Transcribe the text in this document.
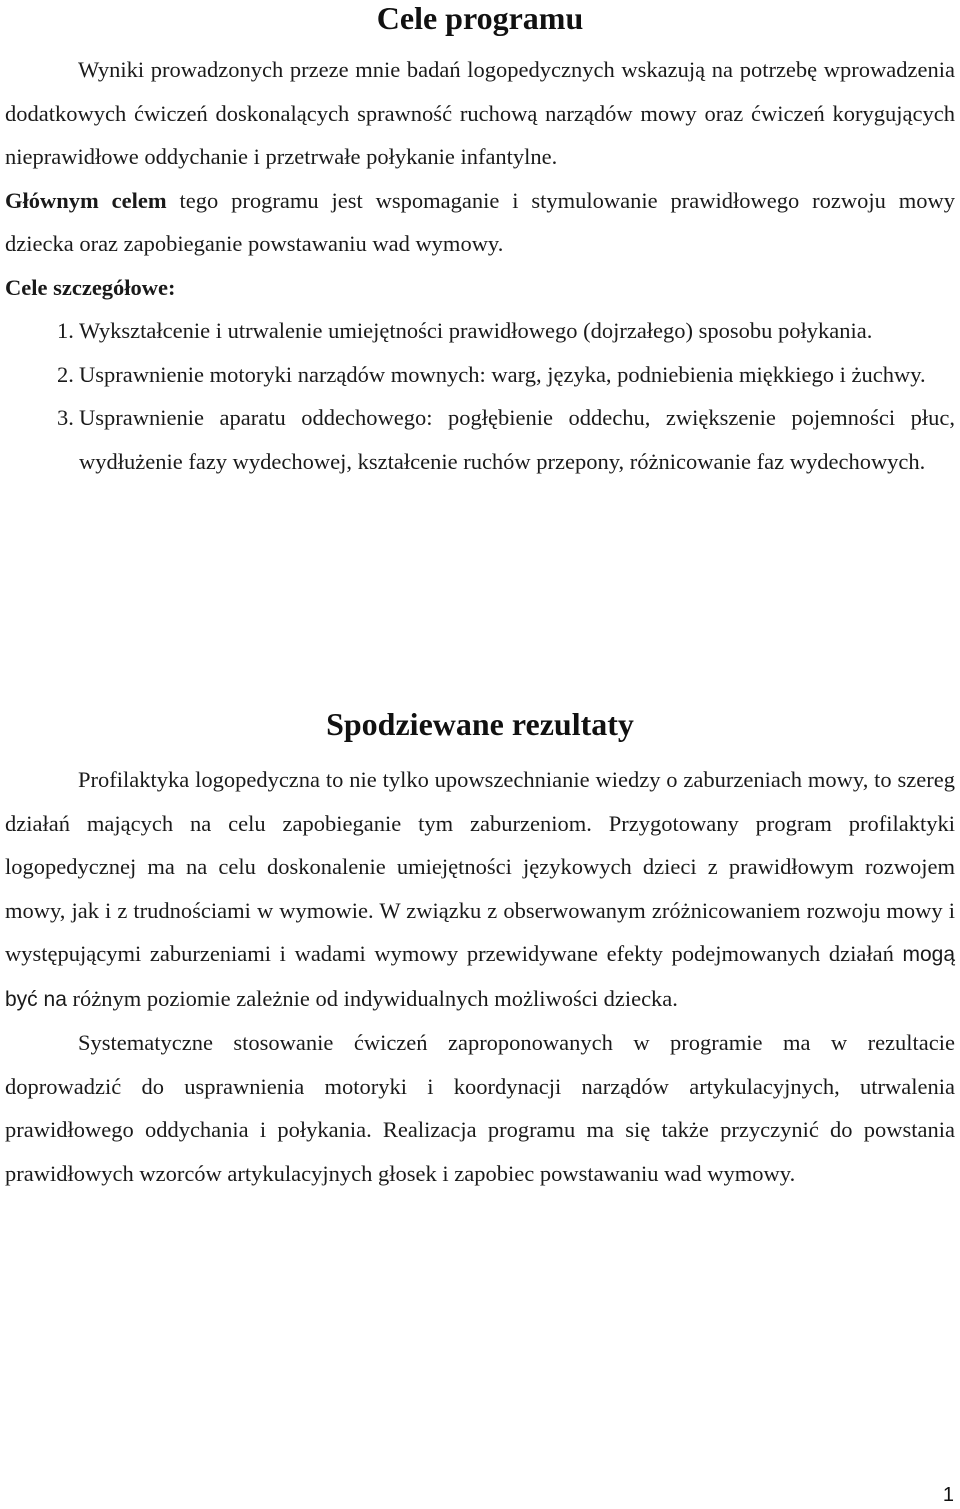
Cele programu

Wyniki prowadzonych przeze mnie badań logopedycznych wskazują na potrzebę wprowadzenia dodatkowych ćwiczeń doskonalących sprawność ruchową narządów mowy oraz ćwiczeń korygujących nieprawidłowe oddychanie i przetrwałe połykanie infantylne.

Głównym celem tego programu jest wspomaganie i stymulowanie prawidłowego rozwoju mowy dziecka oraz zapobieganie powstawaniu wad wymowy.

Cele szczegółowe:

1. Wykształcenie i utrwalenie umiejętności prawidłowego (dojrzałego) sposobu połykania.
2. Usprawnienie motoryki narządów mownych: warg, języka, podniebienia miękkiego i żuchwy.
3. Usprawnienie aparatu oddechowego: pogłębienie oddechu, zwiększenie pojemności płuc, wydłużenie fazy wydechowej, kształcenie ruchów przepony, różnicowanie faz wydechowych.
Spodziewane rezultaty

Profilaktyka logopedyczna to nie tylko upowszechnianie wiedzy o zaburzeniach mowy, to szereg działań mających na celu zapobieganie tym zaburzeniom. Przygotowany program profilaktyki logopedycznej ma na celu doskonalenie umiejętności językowych dzieci z prawidłowym rozwojem mowy, jak i z trudnościami w wymowie. W związku z obserwowanym zróżnicowaniem rozwoju mowy i występującymi zaburzeniami i wadami wymowy przewidywane efekty podejmowanych działań mogą być na różnym poziomie zależnie od indywidualnych możliwości dziecka.

Systematyczne stosowanie ćwiczeń zaproponowanych w programie ma w rezultacie doprowadzić do usprawnienia motoryki i koordynacji narządów artykulacyjnych, utrwalenia prawidłowego oddychania i połykania. Realizacja programu ma się także przyczynić do powstania prawidłowych wzorców artykulacyjnych głosek i zapobiec powstawaniu wad wymowy.

1
